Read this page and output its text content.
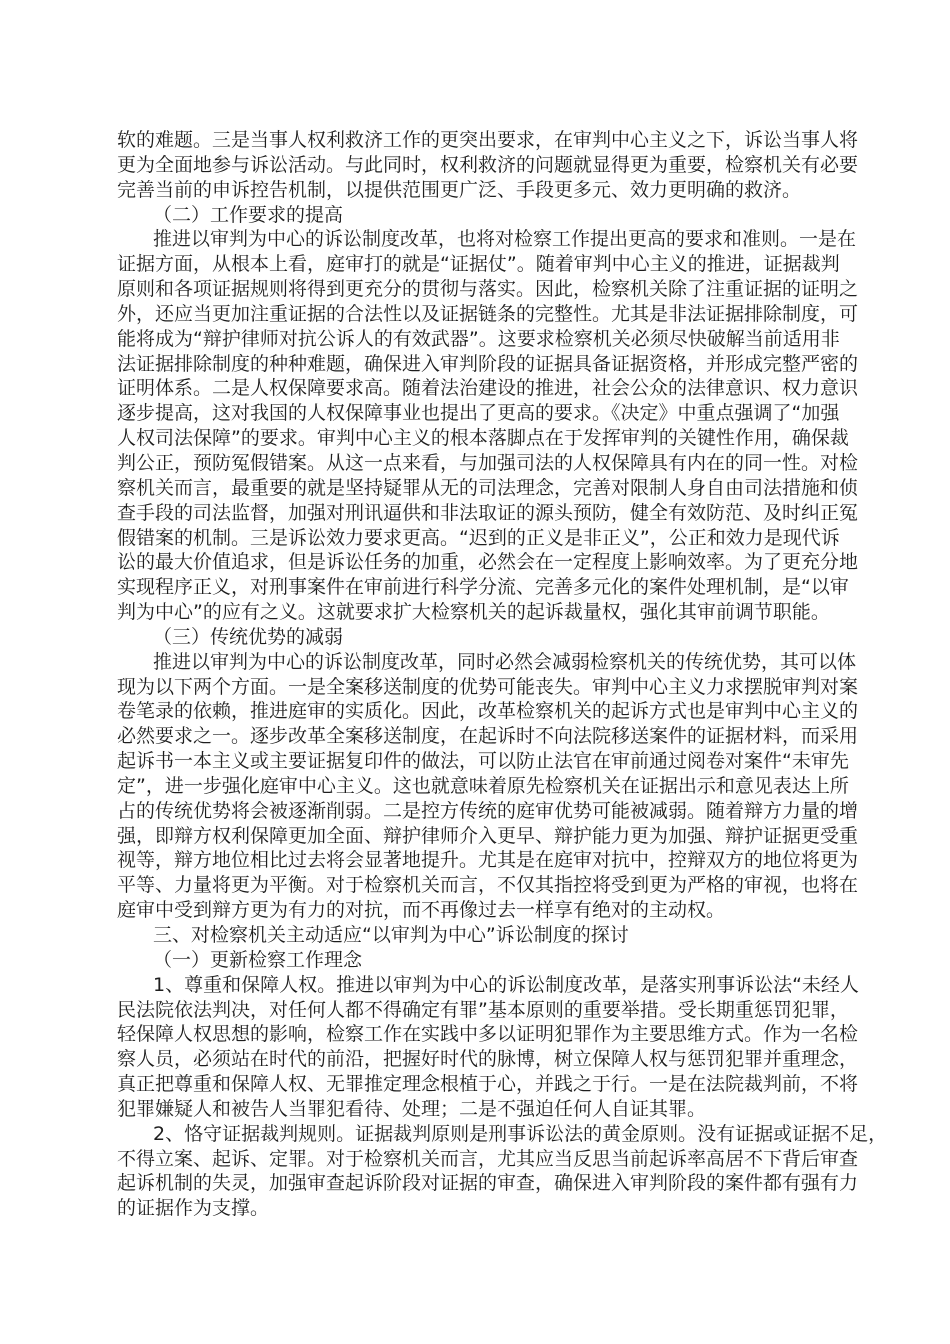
软的难题。三是当事人权利救济工作的更突出要求，在审判中心主义之下，诉讼当事人将
更为全面地参与诉讼活动。与此同时，权利救济的问题就显得更为重要，检察机关有必要
完善当前的申诉控告机制，以提供范围更广泛、手段更多元、效力更明确的救济。
（二）工作要求的提高
推进以审判为中心的诉讼制度改革，也将对检察工作提出更高的要求和准则。一是在
证据方面，从根本上看，庭审打的就是“证据仗”。随着审判中心主义的推进，证据裁判
原则和各项证据规则将得到更充分的贯彻与落实。因此，检察机关除了注重证据的证明之
外，还应当更加注重证据的合法性以及证据链条的完整性。尤其是非法证据排除制度，可
能将成为“辩护律师对抗公诉人的有效武器”。这要求检察机关必须尽快破解当前适用非
法证据排除制度的种种难题，确保进入审判阶段的证据具备证据资格，并形成完整严密的
证明体系。二是人权保障要求高。随着法治建设的推进，社会公众的法律意识、权力意识
逐步提高，这对我国的人权保障事业也提出了更高的要求。《决定》中重点强调了“加强
人权司法保障”的要求。审判中心主义的根本落脚点在于发挥审判的关键性作用，确保裁
判公正，预防冤假错案。从这一点来看，与加强司法的人权保障具有内在的同一性。对检
察机关而言，最重要的就是坚持疑罪从无的司法理念，完善对限制人身自由司法措施和侦
查手段的司法监督，加强对刑讯逼供和非法取证的源头预防，健全有效防范、及时纠正冤
假错案的机制。三是诉讼效力要求更高。“迟到的正义是非正义”，公正和效力是现代诉
讼的最大价值追求，但是诉讼任务的加重，必然会在一定程度上影响效率。为了更充分地
实现程序正义，对刑事案件在审前进行科学分流、完善多元化的案件处理机制，是“以审
判为中心”的应有之义。这就要求扩大检察机关的起诉裁量权，强化其审前调节职能。
（三）传统优势的减弱
推进以审判为中心的诉讼制度改革，同时必然会减弱检察机关的传统优势，其可以体
现为以下两个方面。一是全案移送制度的优势可能丧失。审判中心主义力求摆脱审判对案
卷笔录的依赖，推进庭审的实质化。因此，改革检察机关的起诉方式也是审判中心主义的
必然要求之一。逐步改革全案移送制度，在起诉时不向法院移送案件的证据材料，而采用
起诉书一本主义或主要证据复印件的做法，可以防止法官在审前通过阅卷对案件“未审先
定”，进一步强化庭审中心主义。这也就意味着原先检察机关在证据出示和意见表达上所
占的传统优势将会被逐渐削弱。二是控方传统的庭审优势可能被减弱。随着辩方力量的增
强，即辩方权利保障更加全面、辩护律师介入更早、辩护能力更为加强、辩护证据更受重
视等，辩方地位相比过去将会显著地提升。尤其是在庭审对抗中，控辩双方的地位将更为
平等、力量将更为平衡。对于检察机关而言，不仅其指控将受到更为严格的审视，也将在
庭审中受到辩方更为有力的对抗，而不再像过去一样享有绝对的主动权。
三、对检察机关主动适应“以审判为中心”诉讼制度的探讨
（一）更新检察工作理念
1、尊重和保障人权。推进以审判为中心的诉讼制度改革，是落实刑事诉讼法“未经人
民法院依法判决，对任何人都不得确定有罪”基本原则的重要举措。受长期重惩罚犯罪，
轻保障人权思想的影响，检察工作在实践中多以证明犯罪作为主要思维方式。作为一名检
察人员，必须站在时代的前沿，把握好时代的脉博，树立保障人权与惩罚犯罪并重理念，
真正把尊重和保障人权、无罪推定理念根植于心，并践之于行。一是在法院裁判前，不将
犯罪嫌疑人和被告人当罪犯看待、处理；二是不强迫任何人自证其罪。
2、恪守证据裁判规则。证据裁判原则是刑事诉讼法的黄金原则。没有证据或证据不足，
不得立案、起诉、定罪。对于检察机关而言，尤其应当反思当前起诉率高居不下背后审查
起诉机制的失灵，加强审查起诉阶段对证据的审查，确保进入审判阶段的案件都有强有力
的证据作为支撑。
